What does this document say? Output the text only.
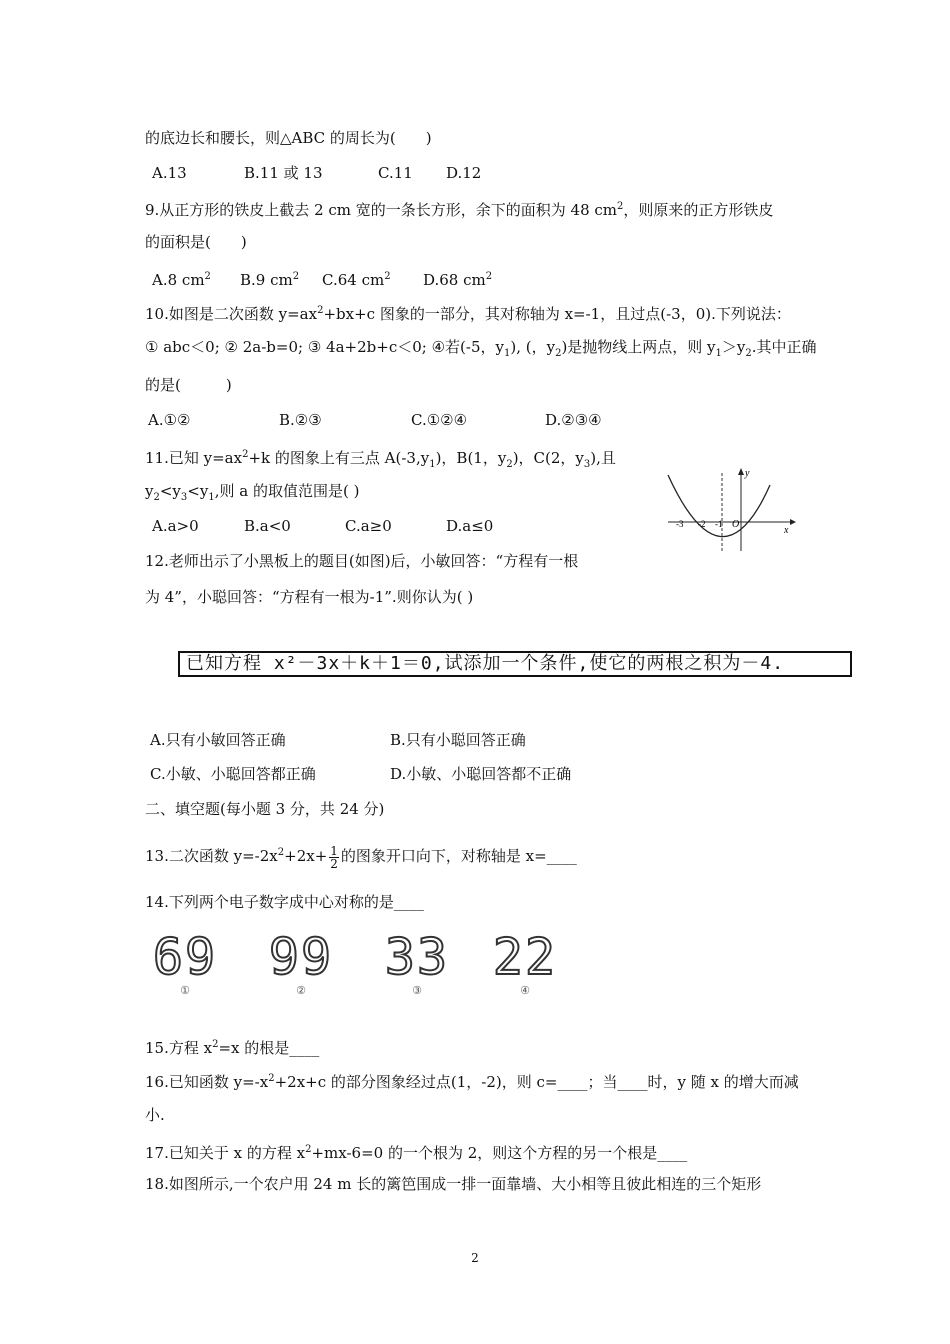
的底边长和腰长，则△ABC 的周长为(　　)
A.13	B.11 或 13	C.11 D.12
9.从正方形的铁皮上截去 2 cm 宽的一条长方形，余下的面积为 48 $cm^2$，则原来的正方形铁皮
的面积是(　　)
A.8 $cm^2$ B.9 $cm^2$ C.64 $cm^2$ D.68 $cm^2$
10.如图是二次函数 $y=ax^2+bx+c$ 图象的一部分，其对称轴为 x=-1，且过点(-3，0).下列说法：
① abc＜0; ② 2a-b=0; ③ 4a+2b+c＜0; ④若(-5，$y_1$), (，$y_2$)是抛物线上两点，则 $y_1>y_2$.其中正确
的是(　　　)
A.①②	B.②③	C.①②④	D.②③④
11.已知 $y=ax^2+k$ 的图象上有三点 $A(-3,y_1)$，B(1，$y_2$)，C(2，$y_3$),且
$y_2<y_3<y_1$,则 a 的取值范围是( )
A.a>0	B.a<0	C.a≥0	D.a≤0
y
x
O
-3 -2 -1
12.老师出示了小黑板上的题目(如图)后，小敏回答：“方程有一根
为 4”，小聪回答：“方程有一根为-1”.则你认为( )
已知方程 x²－3x＋k＋1＝0,试添加一个条件,使它的两根之积为－4.
A.只有小敏回答正确	B.只有小聪回答正确
C.小敏、小聪回答都正确	D.小敏、小聪回答都不正确
二、填空题(每小题 3 分，共 24 分)
13.二次函数 $y=-2x^2+2x+ \frac{1}{2}$ 的图象开口向下，对称轴是 x=____
14.下列两个电子数字成中心对称的是____
69
①
99
②
33
③
22
④
15.方程 $x^2=x$ 的根是____
16.已知函数 $y=-x^2+2x+c$ 的部分图象经过点(1，-2)，则 c=____；当____时，y 随 x 的增大而减
小.
17.已知关于 x 的方程 $x^2+mx-6=0$ 的一个根为 2，则这个方程的另一个根是____
18.如图所示,一个农户用 24 m 长的篱笆围成一排一面靠墙、大小相等且彼此相连的三个矩形
2
